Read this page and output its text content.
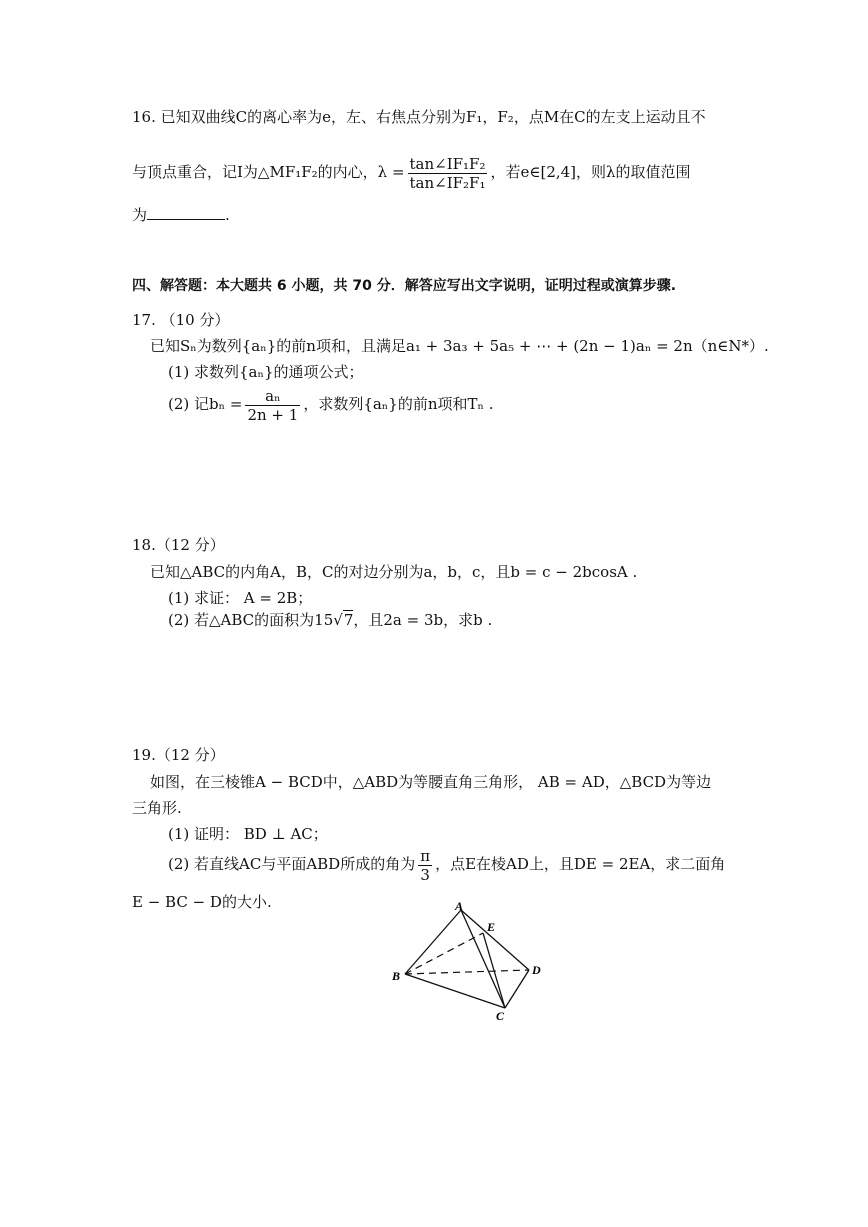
16. 已知双曲线C的离心率为e，左、右焦点分别为F₁，F₂，点M在C的左支上运动且不
与顶点重合，记I为△MF₁F₂的内心，$\lambda = \frac{\text{tan∠IF₁F₂}}{\text{tan∠IF₂F₁}}$ ，若e∈[2,4]，则λ的取值范围
为	.
四、解答题：本大题共 6 小题，共 70 分．解答应写出文字说明，证明过程或演算步骤.
17. （10 分）
已知Sₙ为数列{aₙ}的前n项和，且满足a₁ + 3a₃ + 5a₅ + ⋯ + (2n − 1)aₙ = 2n（n∈N*）.
(1) 求数列{aₙ}的通项公式；
(2) 记$b_n = \frac{\text{aₙ}}{2n + 1}$ ，求数列{aₙ}的前n项和Tₙ .
18.（12 分）
已知△ABC的内角A，B，C的对边分别为a，b，c，且b = c − 2bcosA .
(1) 求证： A = 2B；
(2) 若△ABC的面积为15√7，且2a = 3b，求b .
19.（12 分）
如图，在三棱锥A − BCD中，△ABD为等腰直角三角形， AB = AD，△BCD为等边
三角形.
(1) 证明： BD ⊥ AC；
(2) 若直线AC与平面ABD所成的角为 $\frac{\pi}{3}$ ，点E在棱AD上，且DE = 2EA，求二面角
E − BC − D的大小.	A
E
B	D
C
